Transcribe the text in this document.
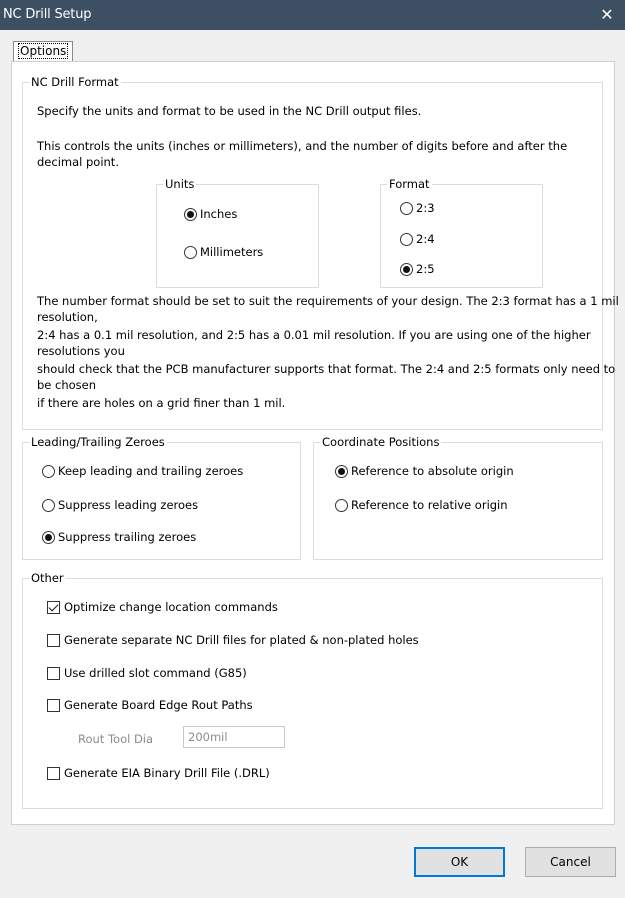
NC Drill Setup	✕
Options
NC Drill Format
Specify the units and format to be used in the NC Drill output files.
This controls the units (inches or millimeters), and the number of digits before and after the
decimal point.
Units
Inches
Millimeters
Format
2:3
2:4
2:5
The number format should be set to suit the requirements of your design. The 2:3 format has a 1 mil
resolution,
2:4 has a 0.1 mil resolution, and 2:5 has a 0.01 mil resolution. If you are using one of the higher
resolutions you
should check that the PCB manufacturer supports that format. The 2:4 and 2:5 formats only need to
be chosen
if there are holes on a grid finer than 1 mil.
Leading/Trailing Zeroes
Keep leading and trailing zeroes
Suppress leading zeroes
Suppress trailing zeroes
Coordinate Positions
Reference to absolute origin
Reference to relative origin
Other
Optimize change location commands
Generate separate NC Drill files for plated & non-plated holes
Use drilled slot command (G85)
Generate Board Edge Rout Paths
Rout Tool Dia	200mil
Generate EIA Binary Drill File (.DRL)
OK	Cancel
